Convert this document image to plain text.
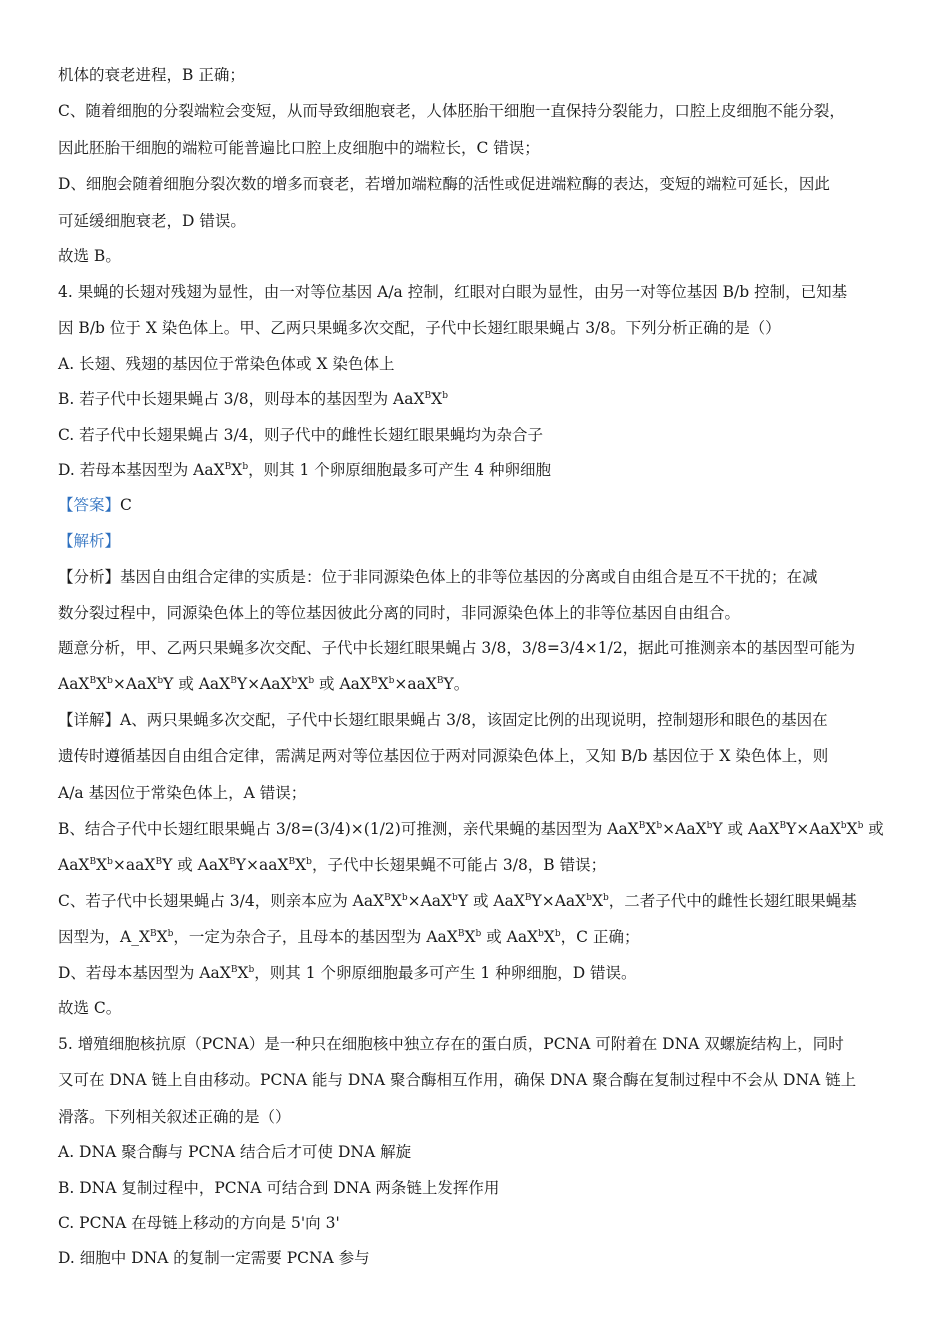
机体的衰老进程，B 正确；
C、随着细胞的分裂端粒会变短，从而导致细胞衰老，人体胚胎干细胞一直保持分裂能力，口腔上皮细胞不能分裂，
因此胚胎干细胞的端粒可能普遍比口腔上皮细胞中的端粒长，C 错误；
D、细胞会随着细胞分裂次数的增多而衰老，若增加端粒酶的活性或促进端粒酶的表达，变短的端粒可延长，因此
可延缓细胞衰老，D 错误。
故选 B。
4. 果蝇的长翅对残翅为显性，由一对等位基因 A/a 控制，红眼对白眼为显性，由另一对等位基因 B/b 控制，已知基
因 B/b 位于 X 染色体上。甲、乙两只果蝇多次交配，子代中长翅红眼果蝇占 3/8。下列分析正确的是（）
A. 长翅、残翅的基因位于常染色体或 X 染色体上
B. 若子代中长翅果蝇占 3/8，则母本的基因型为 $AaX^BX^b$
C. 若子代中长翅果蝇占 3/4，则子代中的雌性长翅红眼果蝇均为杂合子
D. 若母本基因型为 $AaX^BX^b$，则其 1 个卵原细胞最多可产生 4 种卵细胞
【答案】C
【解析】
【分析】基因自由组合定律的实质是：位于非同源染色体上的非等位基因的分离或自由组合是互不干扰的；在减
数分裂过程中，同源染色体上的等位基因彼此分离的同时，非同源染色体上的非等位基因自由组合。
题意分析，甲、乙两只果蝇多次交配、子代中长翅红眼果蝇占 3/8，3/8=3/4×1/2，据此可推测亲本的基因型可能为
$AaX^BX^b\times AaX^bY$ 或 $AaX^BY\times AaX^bX^b$ 或 $AaX^BX^b\times aaX^BY$。
【详解】A、两只果蝇多次交配，子代中长翅红眼果蝇占 3/8，该固定比例的出现说明，控制翅形和眼色的基因在
遗传时遵循基因自由组合定律，需满足两对等位基因位于两对同源染色体上，又知 B/b 基因位于 X 染色体上，则
A/a 基因位于常染色体上，A 错误；
B、结合子代中长翅红眼果蝇占 3/8=(3/4)×(1/2)可推测，亲代果蝇的基因型为 $AaX^BX^b\times AaX^bY$ 或 $AaX^BY\times AaX^bX^b$ 或
$AaX^BX^b\times aaX^BY$ 或 $AaX^BY\times aaX^BX^b$，子代中长翅果蝇不可能占 3/8，B 错误；
C、若子代中长翅果蝇占 3/4，则亲本应为 $AaX^BX^b\times AaX^bY$ 或 $AaX^BY\times AaX^bX^b$，二者子代中的雌性长翅红眼果蝇基
因型为，$A\_X^BX^b$，一定为杂合子，且母本的基因型为 $AaX^BX^b$ 或 $AaX^bX^b$，C 正确；
D、若母本基因型为 $AaX^BX^b$，则其 1 个卵原细胞最多可产生 1 种卵细胞，D 错误。
故选 C。
5. 增殖细胞核抗原（PCNA）是一种只在细胞核中独立存在的蛋白质，PCNA 可附着在 DNA 双螺旋结构上，同时
又可在 DNA 链上自由移动。PCNA 能与 DNA 聚合酶相互作用，确保 DNA 聚合酶在复制过程中不会从 DNA 链上
滑落。下列相关叙述正确的是（）
A. DNA 聚合酶与 PCNA 结合后才可使 DNA 解旋
B. DNA 复制过程中，PCNA 可结合到 DNA 两条链上发挥作用
C. PCNA 在母链上移动的方向是 5'向 3'
D. 细胞中 DNA 的复制一定需要 PCNA 参与
